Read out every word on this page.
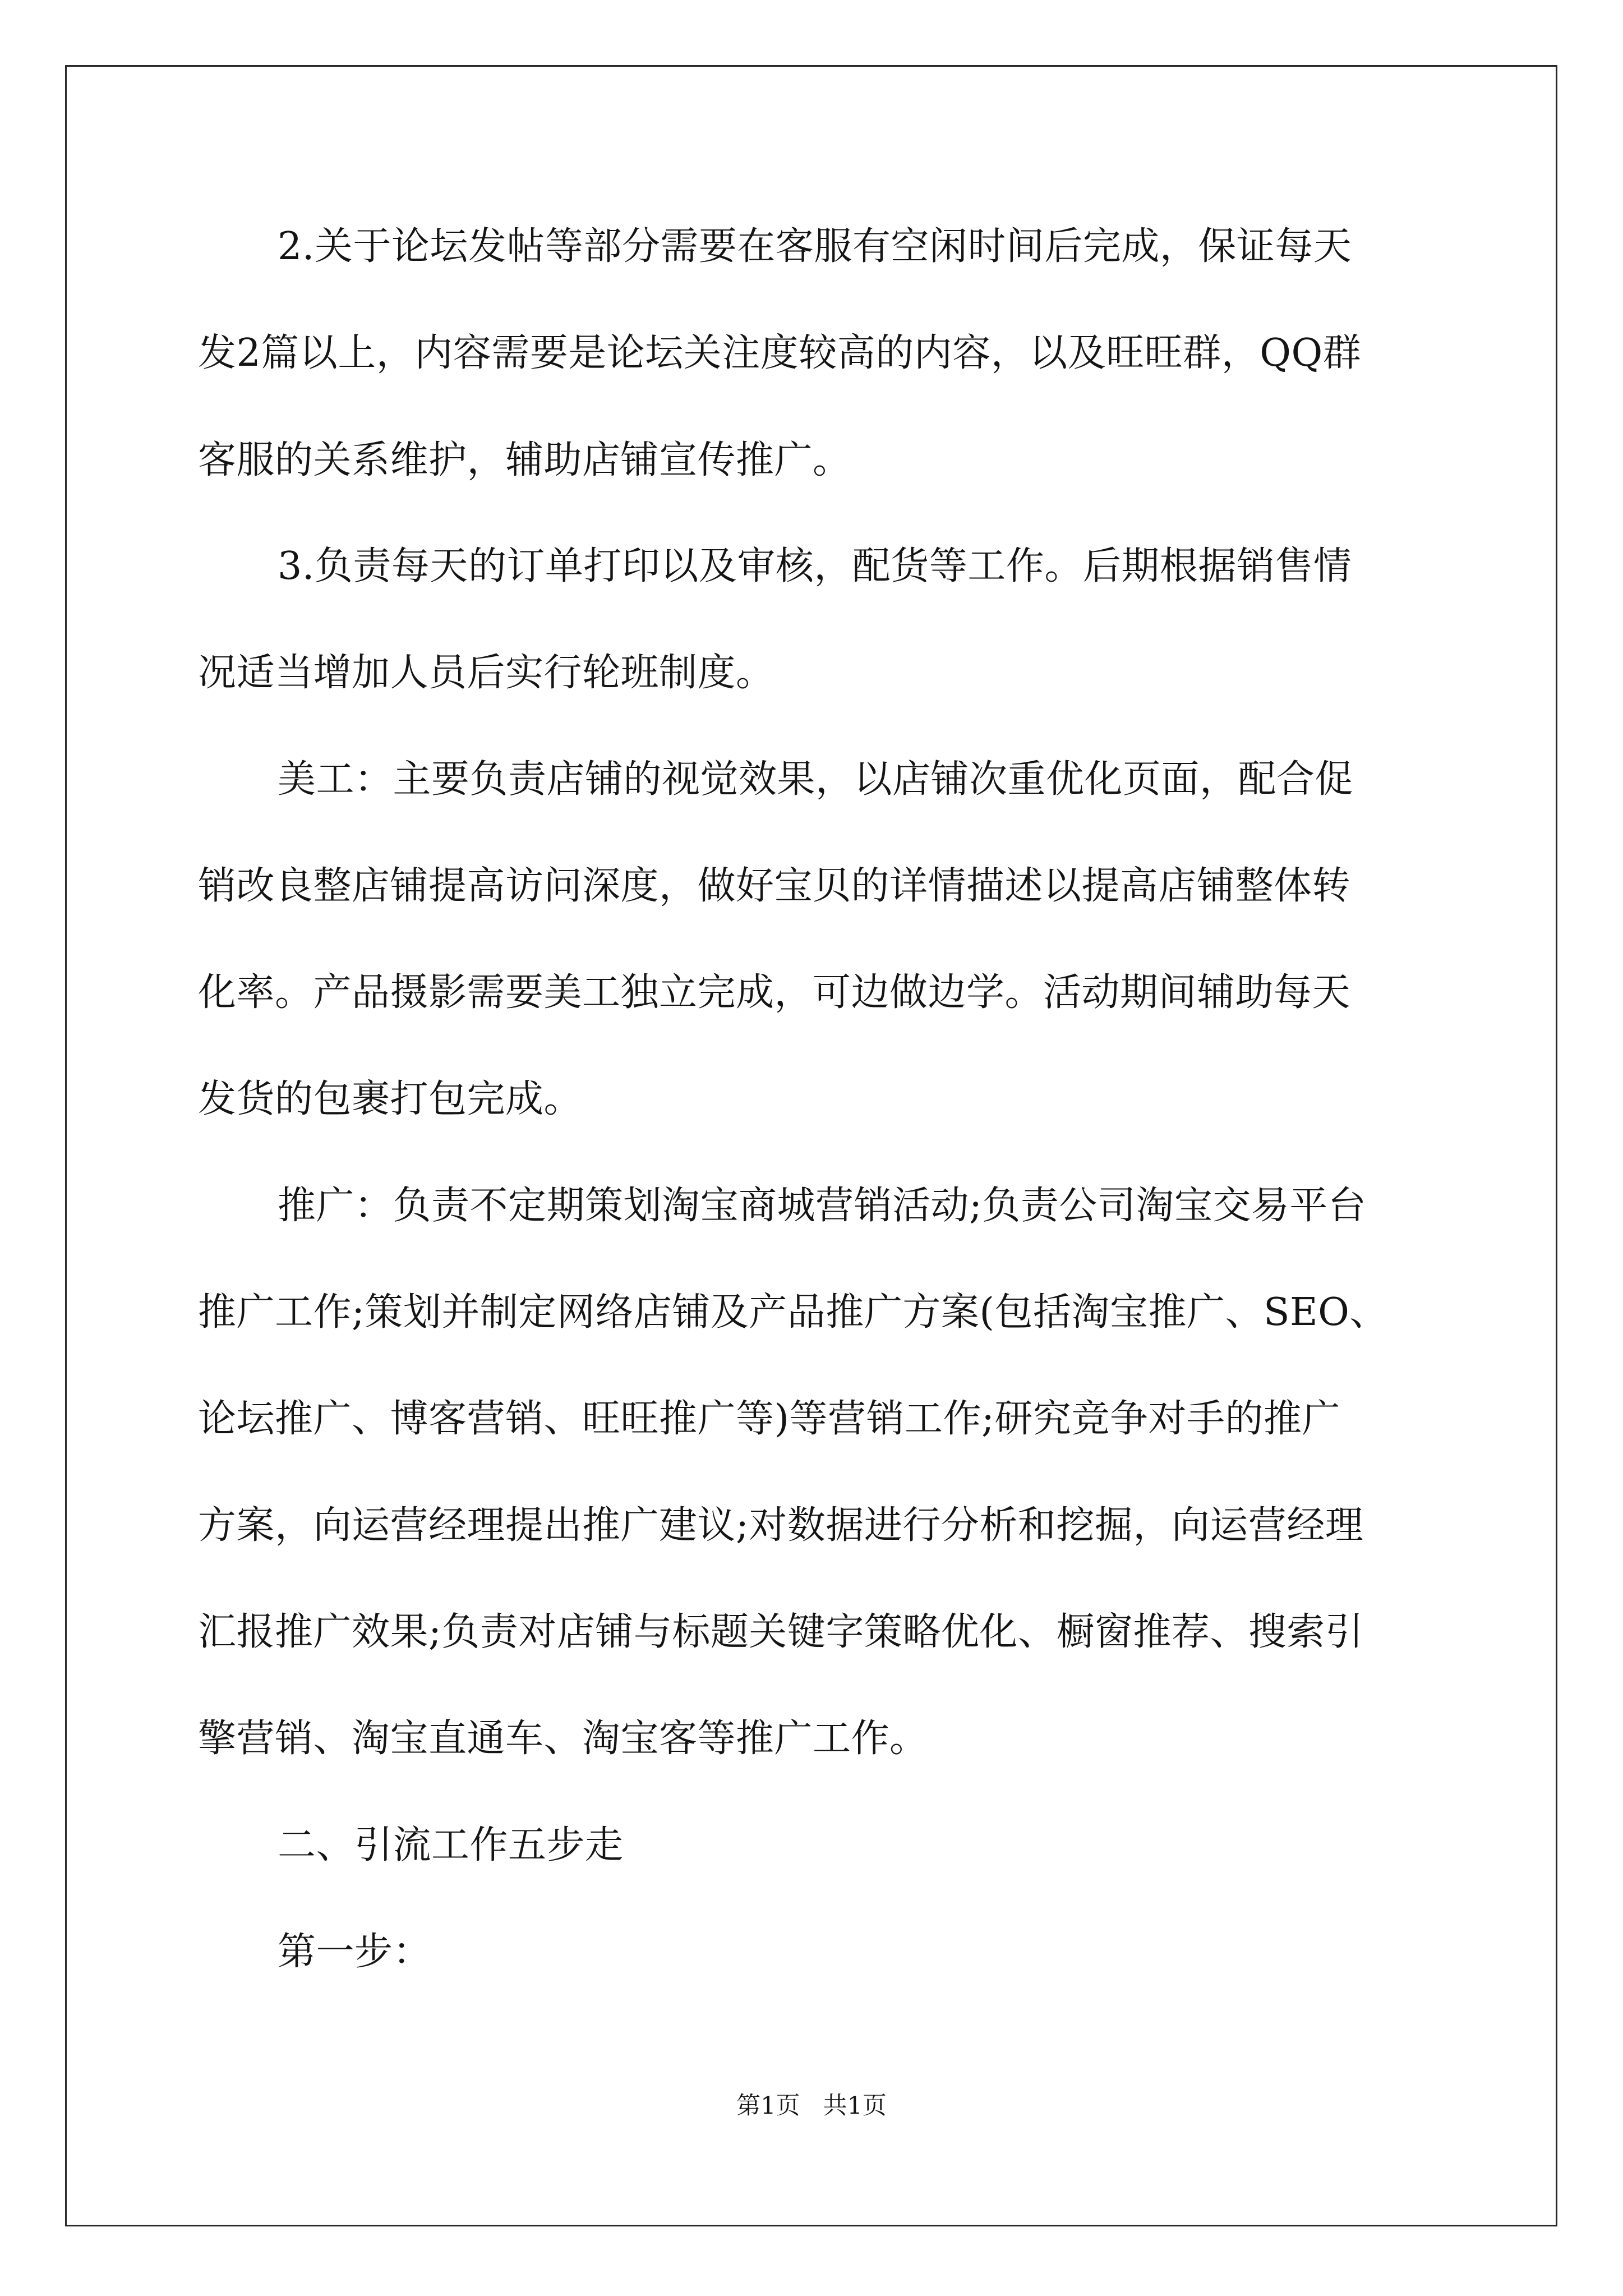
2.关于论坛发帖等部分需要在客服有空闲时间后完成，保证每天

发2篇以上，内容需要是论坛关注度较高的内容，以及旺旺群，QQ群

客服的关系维护，辅助店铺宣传推广。

3.负责每天的订单打印以及审核，配货等工作。后期根据销售情

况适当增加人员后实行轮班制度。

美工：主要负责店铺的视觉效果，以店铺次重优化页面，配合促

销改良整店铺提高访问深度，做好宝贝的详情描述以提高店铺整体转

化率。产品摄影需要美工独立完成，可边做边学。活动期间辅助每天

发货的包裹打包完成。

推广：负责不定期策划淘宝商城营销活动;负责公司淘宝交易平台

推广工作;策划并制定网络店铺及产品推广方案(包括淘宝推广、SEO、

论坛推广、博客营销、旺旺推广等)等营销工作;研究竞争对手的推广

方案，向运营经理提出推广建议;对数据进行分析和挖掘，向运营经理

汇报推广效果;负责对店铺与标题关键字策略优化、橱窗推荐、搜索引

擎营销、淘宝直通车、淘宝客等推广工作。

二、引流工作五步走

第一步：

第1页   共1页
